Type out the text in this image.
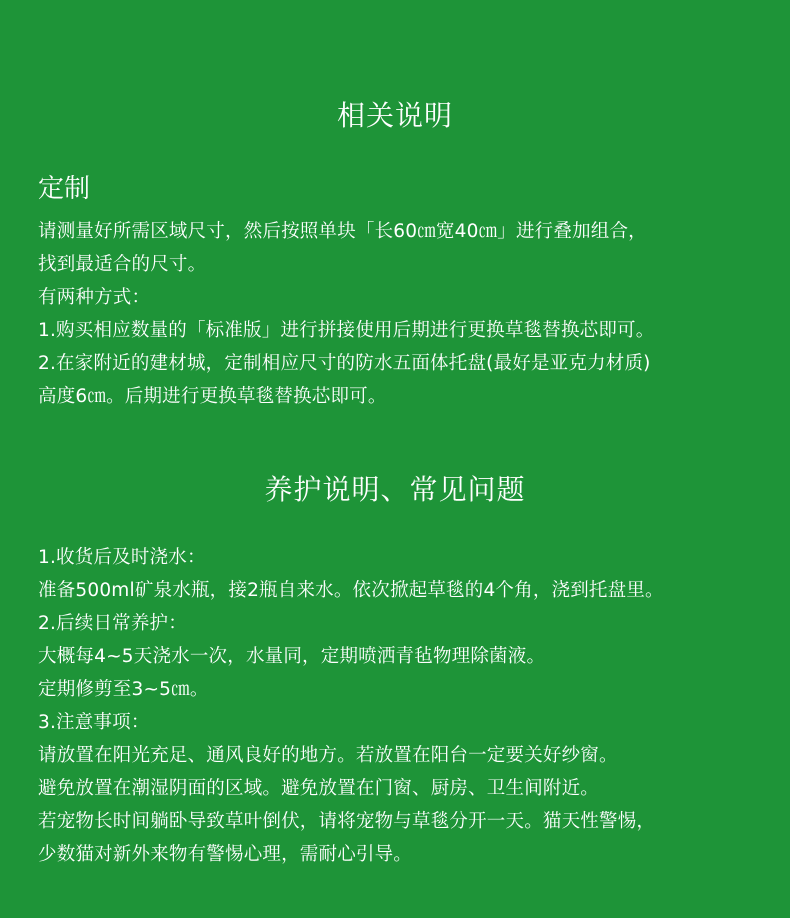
相关说明
定制
请测量好所需区域尺寸，然后按照单块「长60㎝宽40㎝」进行叠加组合，
找到最适合的尺寸。
有两种方式：
1.购买相应数量的「标准版」进行拼接使用后期进行更换草毯替换芯即可。
2.在家附近的建材城，定制相应尺寸的防水五面体托盘(最好是亚克力材质)
高度6㎝。后期进行更换草毯替换芯即可。
养护说明、常见问题
1.收货后及时浇水：
准备500ml矿泉水瓶，接2瓶自来水。依次掀起草毯的4个角，浇到托盘里。
2.后续日常养护：
大概每4~5天浇水一次，水量同，定期喷洒青毡物理除菌液。
定期修剪至3~5㎝。
3.注意事项：
请放置在阳光充足、通风良好的地方。若放置在阳台一定要关好纱窗。
避免放置在潮湿阴面的区域。避免放置在门窗、厨房、卫生间附近。
若宠物长时间躺卧导致草叶倒伏，请将宠物与草毯分开一天。猫天性警惕，
少数猫对新外来物有警惕心理，需耐心引导。
